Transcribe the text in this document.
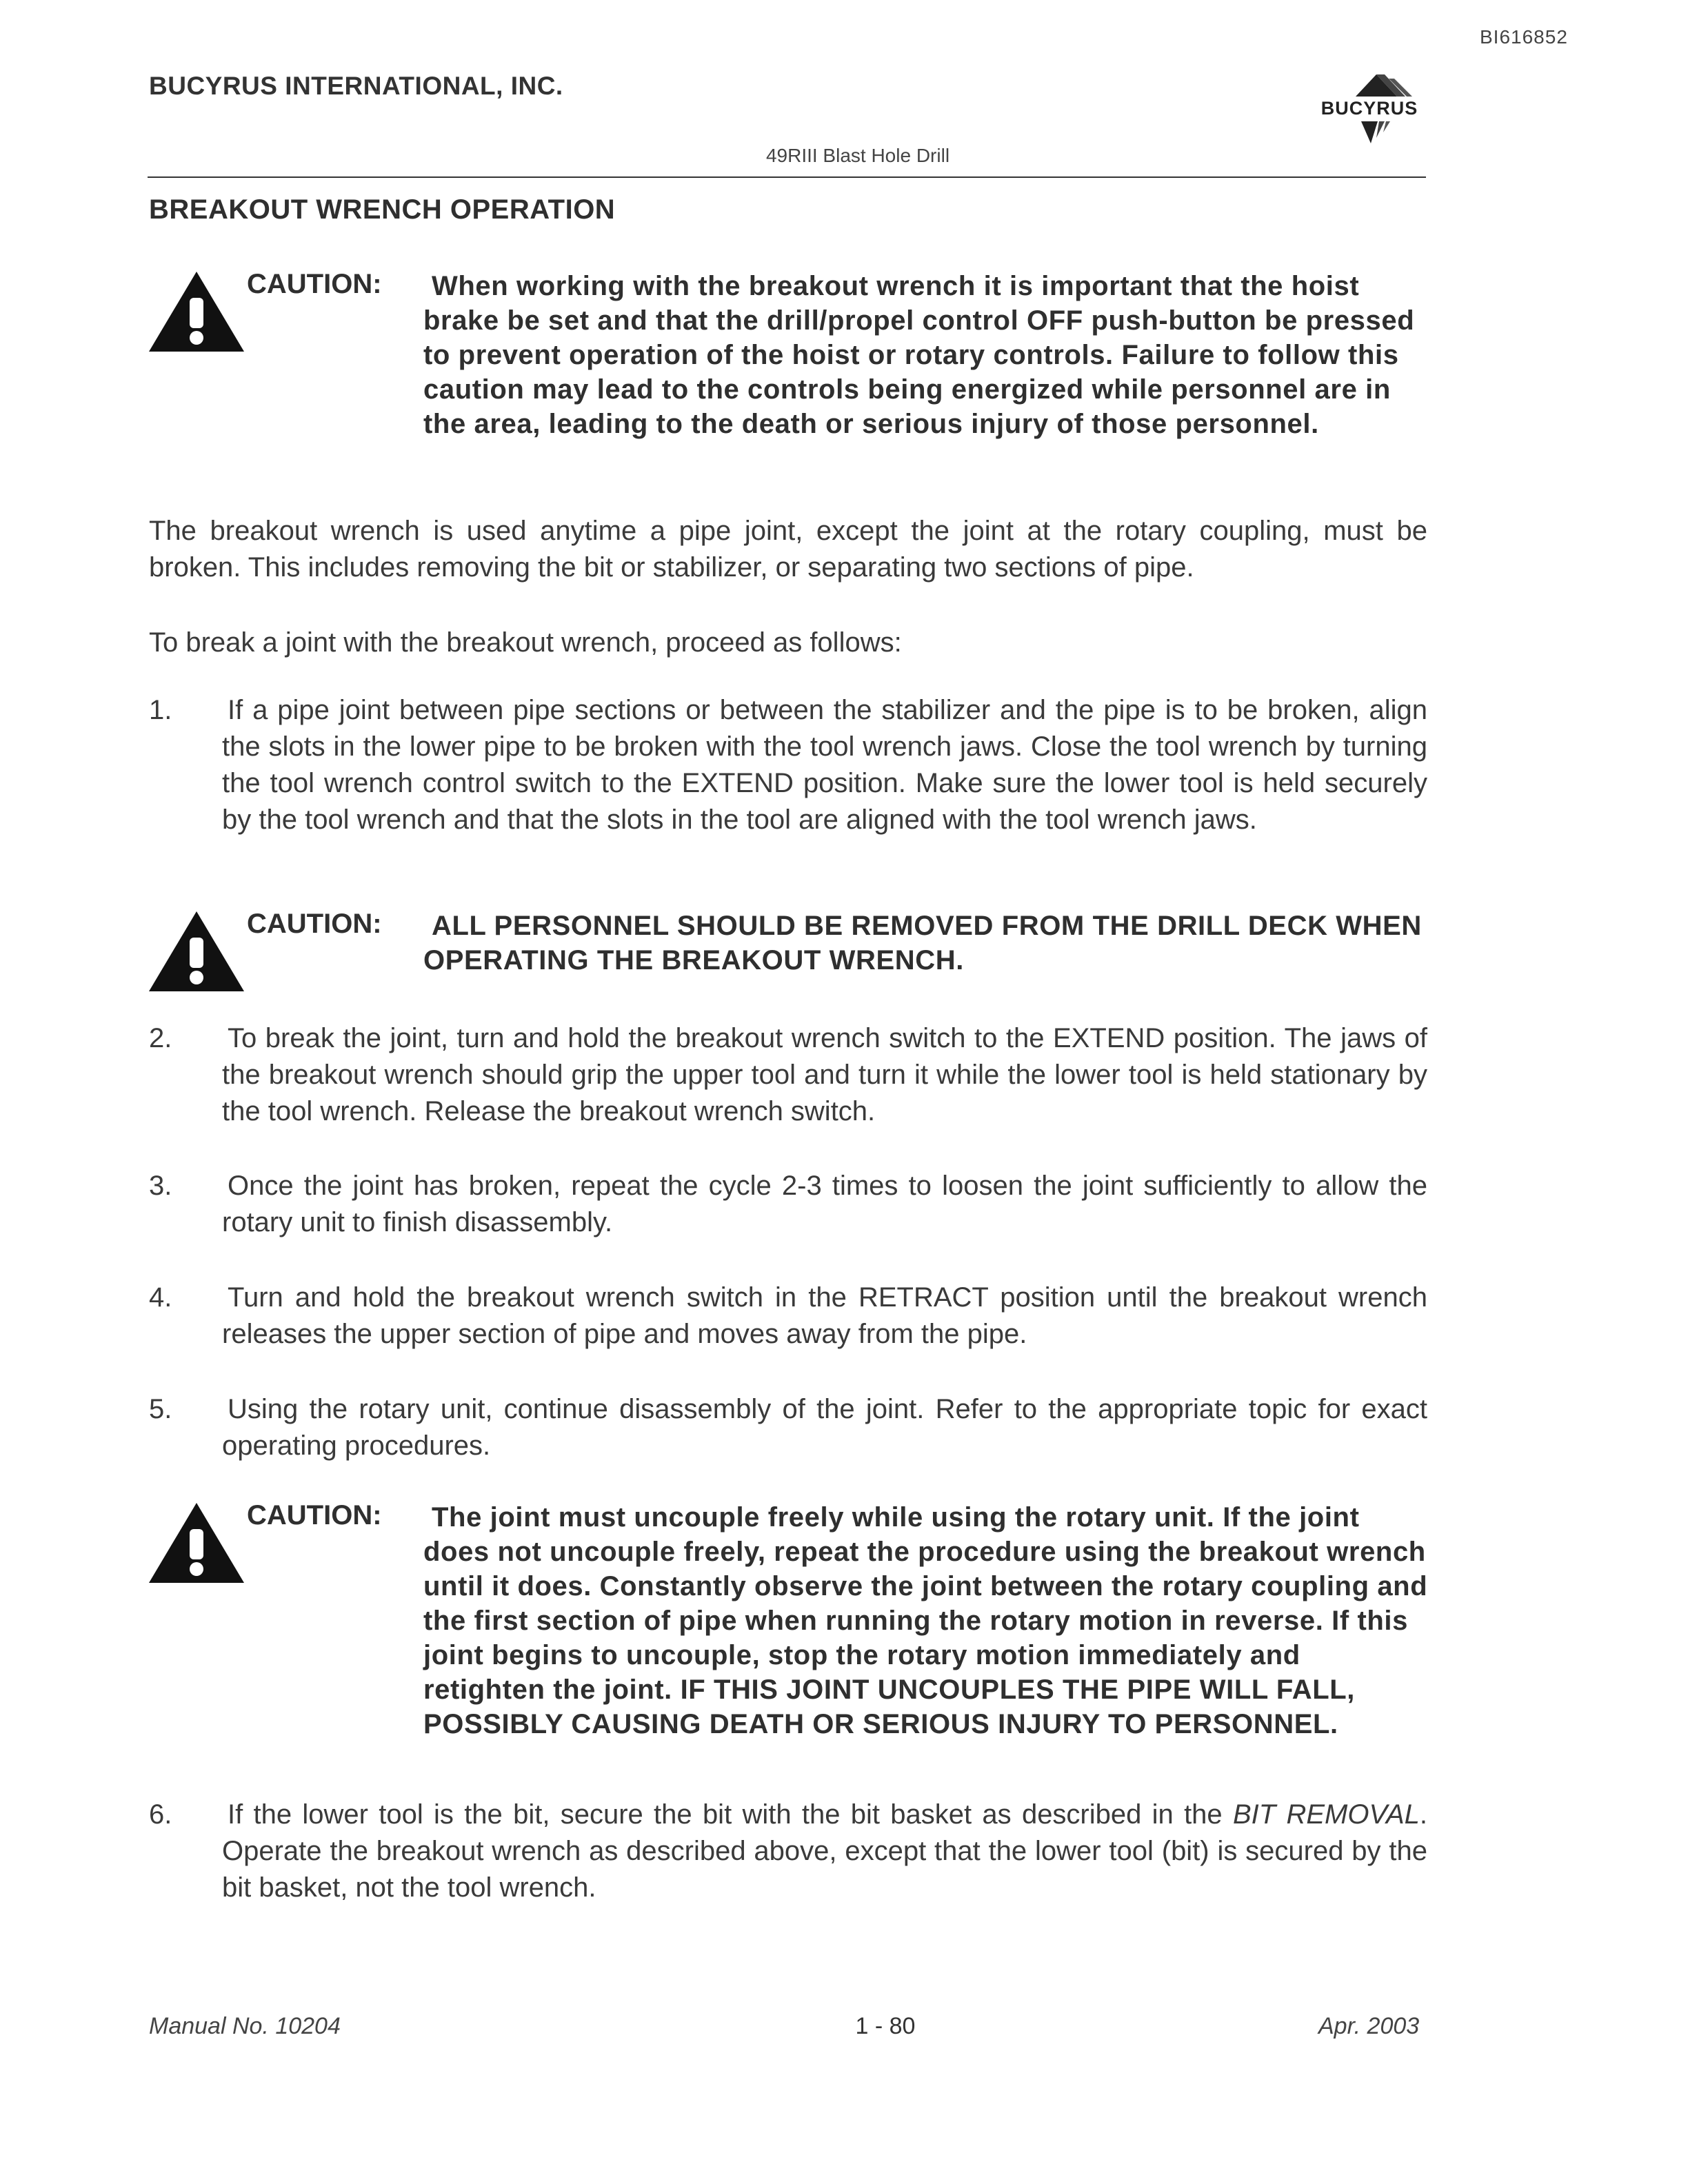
BI616852
BUCYRUS INTERNATIONAL, INC.
BUCYRUS
49RIII Blast Hole Drill
BREAKOUT WRENCH OPERATION
CAUTION:	When working with the breakout wrench it is important that the hoist brake be set and that the drill/propel control OFF push-button be pressed to prevent operation of the hoist or rotary controls. Failure to follow this caution may lead to the controls being energized while personnel are in the area, leading to the death or serious injury of those personnel.
The breakout wrench is used anytime a pipe joint, except the joint at the rotary coupling, must be broken. This includes removing the bit or stabilizer, or separating two sections of pipe.
To break a joint with the breakout wrench, proceed as follows:
1. If a pipe joint between pipe sections or between the stabilizer and the pipe is to be broken, align the slots in the lower pipe to be broken with the tool wrench jaws. Close the tool wrench by turning the tool wrench control switch to the EXTEND position. Make sure the lower tool is held securely by the tool wrench and that the slots in the tool are aligned with the tool wrench jaws.
CAUTION:	ALL PERSONNEL SHOULD BE REMOVED FROM THE DRILL DECK WHEN OPERATING THE BREAKOUT WRENCH.
2. To break the joint, turn and hold the breakout wrench switch to the EXTEND position. The jaws of the breakout wrench should grip the upper tool and turn it while the lower tool is held stationary by the tool wrench. Release the breakout wrench switch.
3. Once the joint has broken, repeat the cycle 2-3 times to loosen the joint sufficiently to allow the rotary unit to finish disassembly.
4. Turn and hold the breakout wrench switch in the RETRACT position until the breakout wrench releases the upper section of pipe and moves away from the pipe.
5. Using the rotary unit, continue disassembly of the joint. Refer to the appropriate topic for exact operating procedures.
CAUTION:	The joint must uncouple freely while using the rotary unit. If the joint does not uncouple freely, repeat the procedure using the breakout wrench until it does. Constantly observe the joint between the rotary coupling and the first section of pipe when running the rotary motion in reverse. If this joint begins to uncouple, stop the rotary motion immediately and retighten the joint. IF THIS JOINT UNCOUPLES THE PIPE WILL FALL, POSSIBLY CAUSING DEATH OR SERIOUS INJURY TO PERSONNEL.
6. If the lower tool is the bit, secure the bit with the bit basket as described in the BIT REMOVAL. Operate the breakout wrench as described above, except that the lower tool (bit) is secured by the bit basket, not the tool wrench.
Manual No. 10204	1 - 80	Apr. 2003
